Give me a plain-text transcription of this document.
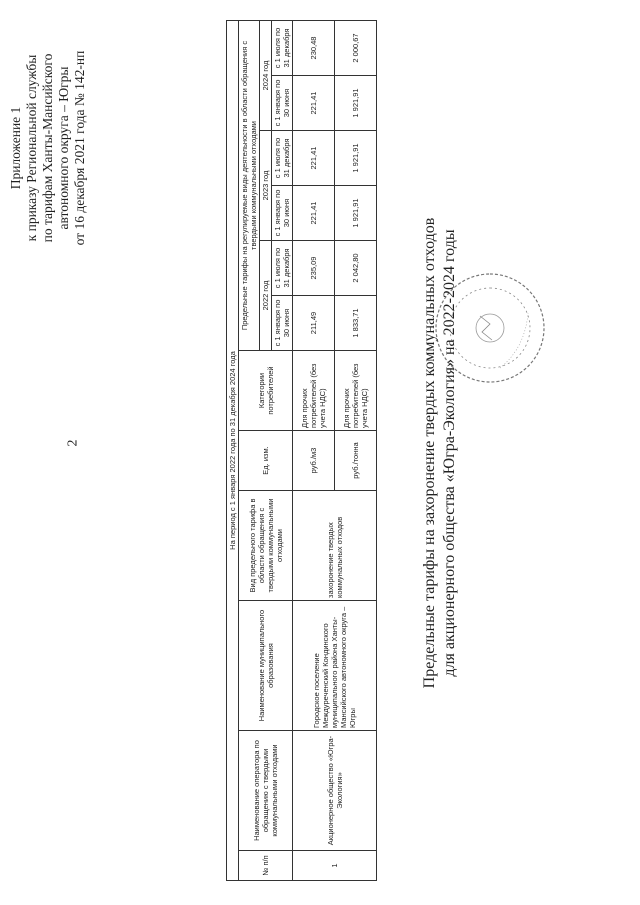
2
Приложение 1 к приказу Региональной службы по тарифам Ханты-Мансийского автономного округа – Югры от 16 декабря 2021 года № 142-нп
Предельные тарифы на захоронение твердых коммунальных отходов для акционерного общества «Югра-Экология» на 2022-2024 годы
На период с 1 января 2022 года по 31 декабря 2024 года											
№ п/п	Наименование оператора по обращению с твердыми коммунальными отходами	Наименование муниципального образования	Вид предельного тарифа в области обращения с твердыми коммунальными отходами	Ед. изм.	Категории потребителей	Предельные тарифы на регулируемые виды деятельности в области обращения с твердыми коммунальными отходами					
						2022 год		2023 год		2024 год	
						с 1 января по 30 июня	с 1 июля по 31 декабря	с 1 января по 30 июня	с 1 июля по 31 декабря	с 1 января по 30 июня	с 1 июля по 31 декабря
1	Акционерное общество «Югра-Экология»	Городское поселение Междуреченский Кондинского муниципального района Ханты-Мансийского автономного округа – Югры	захоронение твердых коммунальных отходов	руб./м3	Для прочих потребителей (без учета НДС)	211,49	235,09	221,41	221,41	221,41	230,48
				руб./тонна	Для прочих потребителей (без учета НДС)	1 833,71	2 042,80	1 921,91	1 921,91	1 921,91	2 000,67
